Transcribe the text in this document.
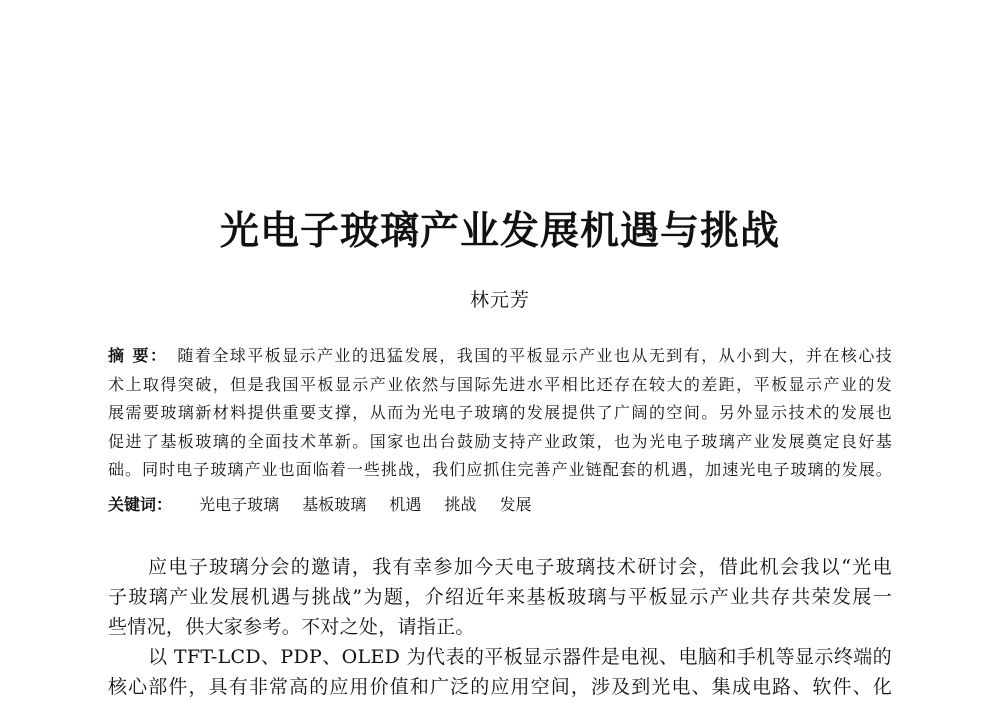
光电子玻璃产业发展机遇与挑战
林元芳
摘 要： 随着全球平板显示产业的迅猛发展，我国的平板显示产业也从无到有，从小到大，并在核心技
术上取得突破，但是我国平板显示产业依然与国际先进水平相比还存在较大的差距，平板显示产业的发
展需要玻璃新材料提供重要支撑，从而为光电子玻璃的发展提供了广阔的空间。另外显示技术的发展也
促进了基板玻璃的全面技术革新。国家也出台鼓励支持产业政策，也为光电子玻璃产业发展奠定良好基
础。同时电子玻璃产业也面临着一些挑战，我们应抓住完善产业链配套的机遇，加速光电子玻璃的发展。
关键词： 光电子玻璃 基板玻璃 机遇 挑战 发展
应电子玻璃分会的邀请，我有幸参加今天电子玻璃技术研讨会，借此机会我以“光电
子玻璃产业发展机遇与挑战”为题，介绍近年来基板玻璃与平板显示产业共存共荣发展一
些情况，供大家参考。不对之处，请指正。
以 TFT-LCD、PDP、OLED 为代表的平板显示器件是电视、电脑和手机等显示终端的
核心部件，具有非常高的应用价值和广泛的应用空间，涉及到光电、集成电路、软件、化
